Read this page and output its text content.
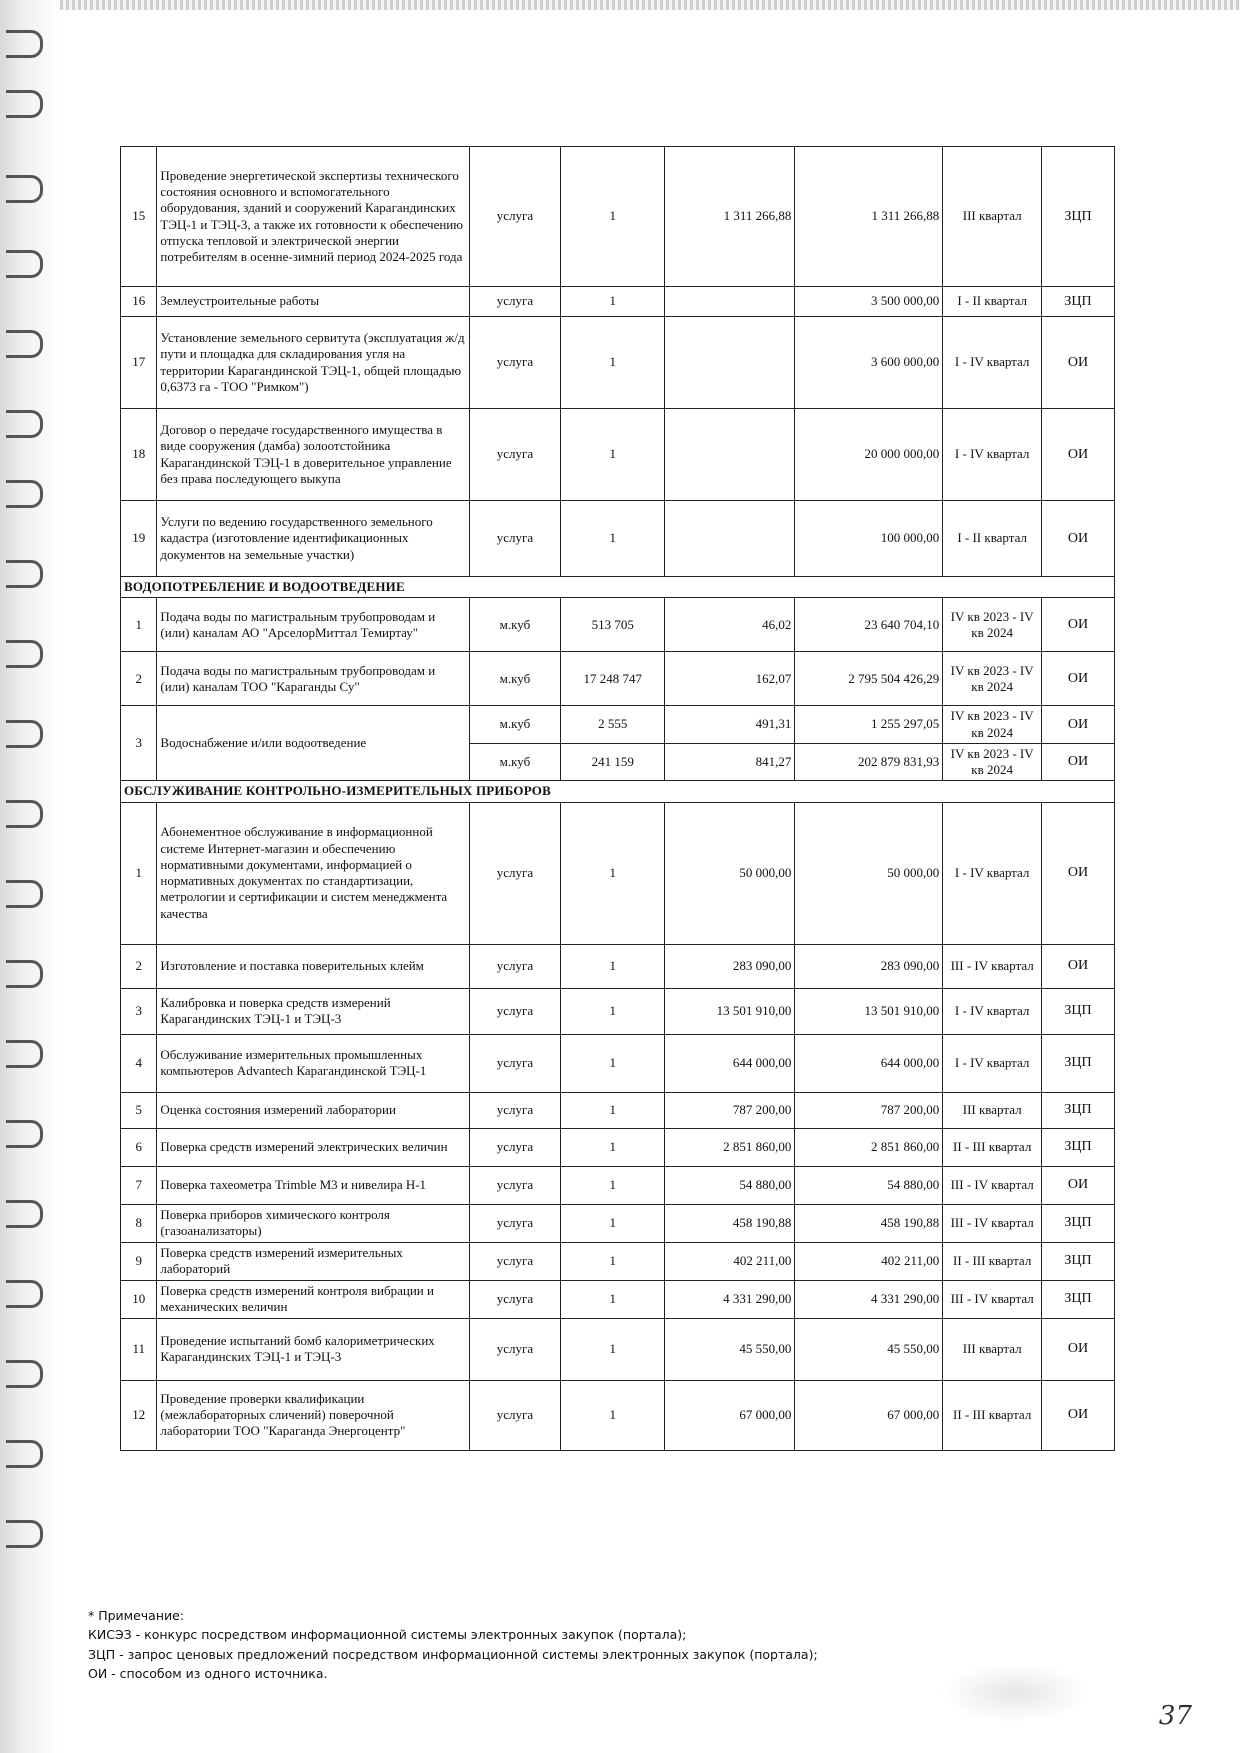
15	Проведение энергетической экспертизы технического состояния основного и вспомогательного оборудования, зданий и сооружений Карагандинских ТЭЦ-1 и ТЭЦ-3, а также их готовности к обеспечению отпуска тепловой и электрической энергии потребителям в осенне-зимний период 2024-2025 года	услуга	1	1 311 266,88	1 311 266,88	III квартал	ЗЦП
16	Землеустроительные работы	услуга	1		3 500 000,00	I - II квартал	ЗЦП
17	Установление земельного сервитута (эксплуатация ж/д пути и площадка для складирования угля на территории Карагандинской ТЭЦ-1, общей площадью 0,6373 га - ТОО "Римком")	услуга	1		3 600 000,00	I - IV квартал	ОИ
18	Договор о передаче государственного имущества в виде сооружения (дамба) золоотстойника Карагандинской ТЭЦ-1 в доверительное управление без права последующего выкупа	услуга	1		20 000 000,00	I - IV квартал	ОИ
19	Услуги по ведению государственного земельного кадастра (изготовление идентификационных документов на земельные участки)	услуга	1		100 000,00	I - II квартал	ОИ
ВОДОПОТРЕБЛЕНИЕ И ВОДООТВЕДЕНИЕ							
1	Подача воды по магистральным трубопроводам и (или) каналам АО "АрселорМиттал Темиртау"	м.куб	513 705	46,02	23 640 704,10	IV кв 2023 - IV кв 2024	ОИ
2	Подача воды по магистральным трубопроводам и (или) каналам ТОО "Караганды Су"	м.куб	17 248 747	162,07	2 795 504 426,29	IV кв 2023 - IV кв 2024	ОИ
3	Водоснабжение и/или водоотведение	м.куб	2 555	491,31	1 255 297,05	IV кв 2023 - IV кв 2024	ОИ
		м.куб	241 159	841,27	202 879 831,93	IV кв 2023 - IV кв 2024	ОИ
ОБСЛУЖИВАНИЕ КОНТРОЛЬНО-ИЗМЕРИТЕЛЬНЫХ ПРИБОРОВ							
1	Абонементное обслуживание в информационной системе Интернет-магазин и обеспечению нормативными документами, информацией о нормативных документах по стандартизации, метрологии и сертификации и систем менеджмента качества	услуга	1	50 000,00	50 000,00	I - IV квартал	ОИ
2	Изготовление и поставка поверительных клейм	услуга	1	283 090,00	283 090,00	III - IV квартал	ОИ
3	Калибровка и поверка средств измерений Карагандинских ТЭЦ-1 и ТЭЦ-3	услуга	1	13 501 910,00	13 501 910,00	I - IV квартал	ЗЦП
4	Обслуживание измерительных промышленных компьютеров Advantech Карагандинской ТЭЦ-1	услуга	1	644 000,00	644 000,00	I - IV квартал	ЗЦП
5	Оценка состояния измерений лаборатории	услуга	1	787 200,00	787 200,00	III квартал	ЗЦП
6	Поверка средств измерений электрических величин	услуга	1	2 851 860,00	2 851 860,00	II - III квартал	ЗЦП
7	Поверка тахеометра Trimble M3 и нивелира Н-1	услуга	1	54 880,00	54 880,00	III - IV квартал	ОИ
8	Поверка приборов химического контроля (газоанализаторы)	услуга	1	458 190,88	458 190,88	III - IV квартал	ЗЦП
9	Поверка средств измерений измерительных лабораторий	услуга	1	402 211,00	402 211,00	II - III квартал	ЗЦП
10	Поверка средств измерений контроля вибрации и механических величин	услуга	1	4 331 290,00	4 331 290,00	III - IV квартал	ЗЦП
11	Проведение испытаний бомб калориметрических Карагандинских ТЭЦ-1 и ТЭЦ-3	услуга	1	45 550,00	45 550,00	III квартал	ОИ
12	Проведение проверки квалификации (межлабораторных сличений) поверочной лаборатории ТОО "Караганда Энергоцентр"	услуга	1	67 000,00	67 000,00	II - III квартал	ОИ
* Примечание:
КИСЭЗ - конкурс посредством информационной системы электронных закупок (портала);
ЗЦП - запрос ценовых предложений посредством информационной системы электронных закупок (портала);
ОИ - способом из одного источника.
37
